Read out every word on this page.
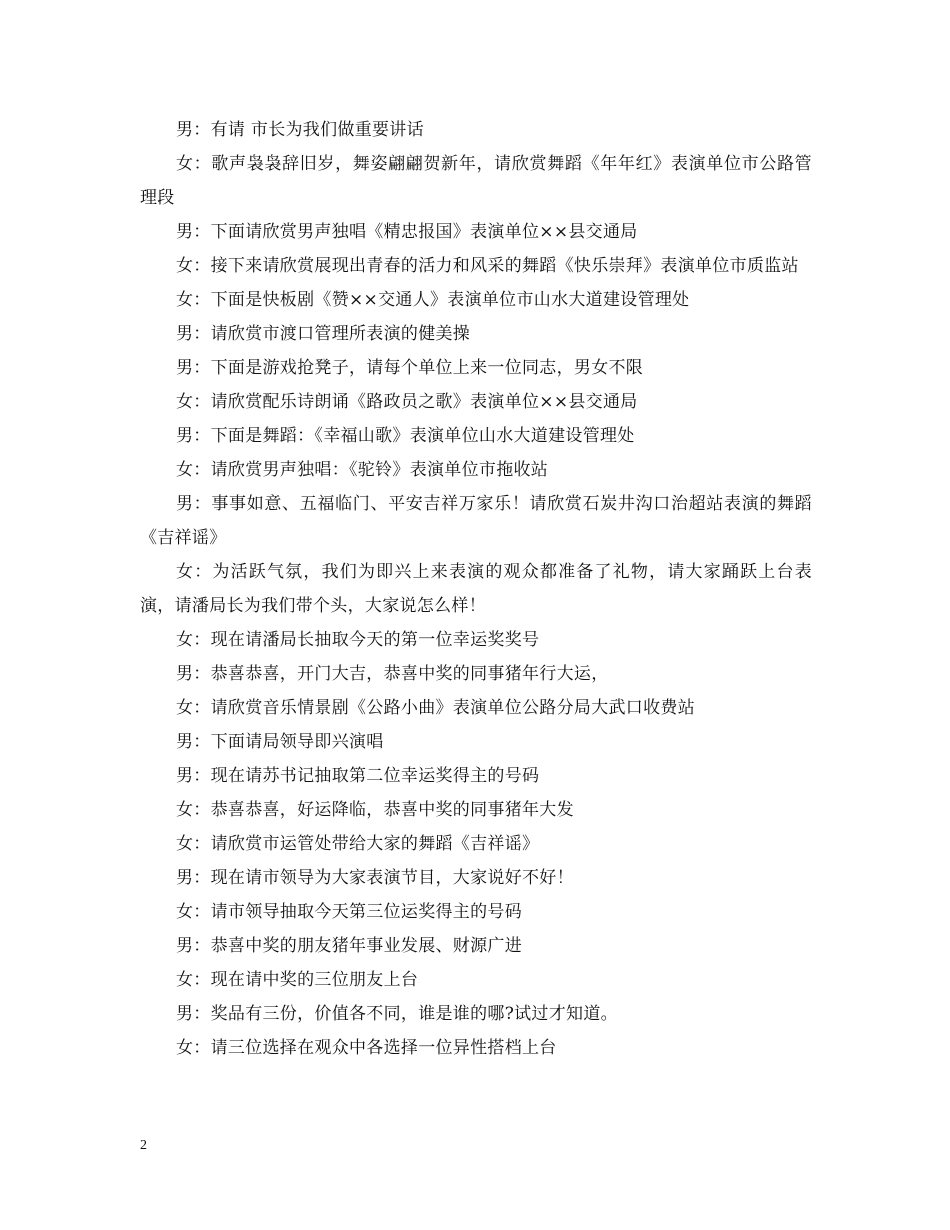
男：有请 市长为我们做重要讲话

女：歌声袅袅辞旧岁，舞姿翩翩贺新年，请欣赏舞蹈《年年红》表演单位市公路管理段

男：下面请欣赏男声独唱《精忠报国》表演单位××县交通局

女：接下来请欣赏展现出青春的活力和风采的舞蹈《快乐崇拜》表演单位市质监站

女：下面是快板剧《赞××交通人》表演单位市山水大道建设管理处

男：请欣赏市渡口管理所表演的健美操

男：下面是游戏抢凳子，请每个单位上来一位同志，男女不限

女：请欣赏配乐诗朗诵《路政员之歌》表演单位××县交通局

男：下面是舞蹈：《幸福山歌》表演单位山水大道建设管理处

女：请欣赏男声独唱：《驼铃》表演单位市拖收站

男：事事如意、五福临门、平安吉祥万家乐！请欣赏石炭井沟口治超站表演的舞蹈《吉祥谣》

女：为活跃气氛，我们为即兴上来表演的观众都准备了礼物，请大家踊跃上台表演，请潘局长为我们带个头，大家说怎么样！

女：现在请潘局长抽取今天的第一位幸运奖奖号

男：恭喜恭喜，开门大吉，恭喜中奖的同事猪年行大运，

女：请欣赏音乐情景剧《公路小曲》表演单位公路分局大武口收费站

男：下面请局领导即兴演唱

男：现在请苏书记抽取第二位幸运奖得主的号码

女：恭喜恭喜，好运降临，恭喜中奖的同事猪年大发

女：请欣赏市运管处带给大家的舞蹈《吉祥谣》

男：现在请市领导为大家表演节目，大家说好不好！

女：请市领导抽取今天第三位运奖得主的号码

男：恭喜中奖的朋友猪年事业发展、财源广进

女：现在请中奖的三位朋友上台

男：奖品有三份，价值各不同，谁是谁的哪?试过才知道。

女：请三位选择在观众中各选择一位异性搭档上台

2
